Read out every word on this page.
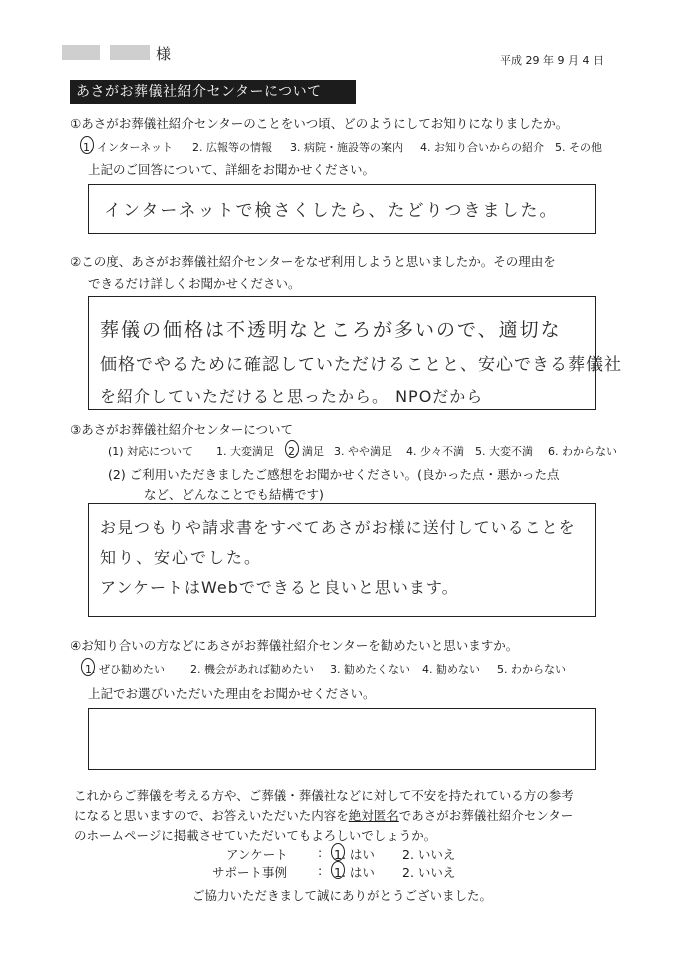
様	平成 29 年 9 月 4 日
あさがお葬儀社紹介センターについて
①あさがお葬儀社紹介センターのことをいつ頃、どのようにしてお知りになりましたか。
1. インターネット 2. 広報等の情報 3. 病院・施設等の案内 4. お知り合いからの紹介 5. その他
上記のご回答について、詳細をお聞かせください。
インターネットで検さくしたら、たどりつきました。
②この度、あさがお葬儀社紹介センターをなぜ利用しようと思いましたか。その理由を
できるだけ詳しくお聞かせください。
葬儀の価格は不透明なところが多いので、適切な
価格でやるために確認していただけることと、安心できる葬儀社
を紹介していただけると思ったから。 NPOだから
③あさがお葬儀社紹介センターについて
(1) 対応について 1. 大変満足 2. 満足 3. やや満足 4. 少々不満 5. 大変不満 6. わからない
(2) ご利用いただきましたご感想をお聞かせください。(良かった点・悪かった点
など、どんなことでも結構です)
お見つもりや請求書をすべてあさがお様に送付していることを
知り、安心でした。
アンケートはWebでできると良いと思います。
④お知り合いの方などにあさがお葬儀社紹介センターを勧めたいと思いますか。
1. ぜひ勧めたい 2. 機会があれば勧めたい 3. 勧めたくない 4. 勧めない 5. わからない
上記でお選びいただいた理由をお聞かせください。
これからご葬儀を考える方や、ご葬儀・葬儀社などに対して不安を持たれている方の参考
になると思いますので、お答えいただいた内容を絶対匿名であさがお葬儀社紹介センター
のホームページに掲載させていただいてもよろしいでしょうか。
アンケート : 1. はい 2. いいえ
サポート事例 : 1. はい 2. いいえ
ご協力いただきまして誠にありがとうございました。
